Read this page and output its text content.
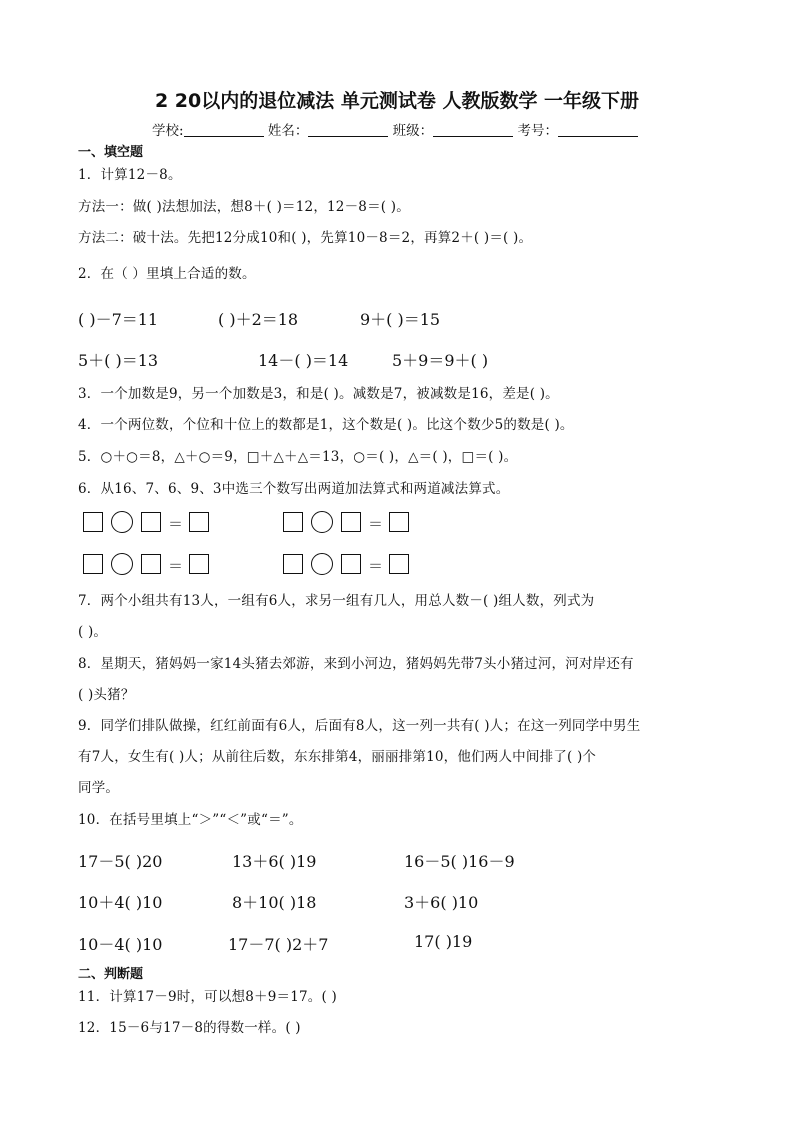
2 20以内的退位减法 单元测试卷 人教版数学 一年级下册
学校:	姓名：	班级：	考号：
一、填空题
1．计算12－8。
方法一：做( )法想加法，想8＋( )＝12，12－8＝( )。
方法二：破十法。先把12分成10和( )，先算10－8＝2，再算2＋( )＝( )。
2．在（ ）里填上合适的数。
( )－7＝11	( )＋2＝18	9＋( )＝15
5＋( )＝13	14－( )＝14	5＋9＝9＋( )
3．一个加数是9，另一个加数是3，和是( )。减数是7，被减数是16，差是( )。
4．一个两位数，个位和十位上的数都是1，这个数是( )。比这个数少5的数是( )。
5．○＋○＝8，△＋○＝9，□＋△＋△＝13，○＝( )，△＝( )，□＝( )。
6．从16、7、6、9、3中选三个数写出两道加法算式和两道减法算式。
＝	＝
＝	＝
7．两个小组共有13人，一组有6人，求另一组有几人，用总人数－( )组人数，列式为
( )。
8．星期天，猪妈妈一家14头猪去郊游，来到小河边，猪妈妈先带7头小猪过河，河对岸还有
( )头猪？
9．同学们排队做操，红红前面有6人，后面有8人，这一列一共有( )人；在这一列同学中男生
有7人，女生有( )人；从前往后数，东东排第4，丽丽排第10，他们两人中间排了( )个
同学。
10．在括号里填上“＞”“＜”或“＝”。
17－5( )20	13＋6( )19	16－5( )16－9
10＋4( )10	8＋10( )18	3＋6( )10
10－4( )10	17－7( )2＋7	17( )19
二、判断题
11．计算17－9时，可以想8＋9＝17。( )
12．15－6与17－8的得数一样。( )
